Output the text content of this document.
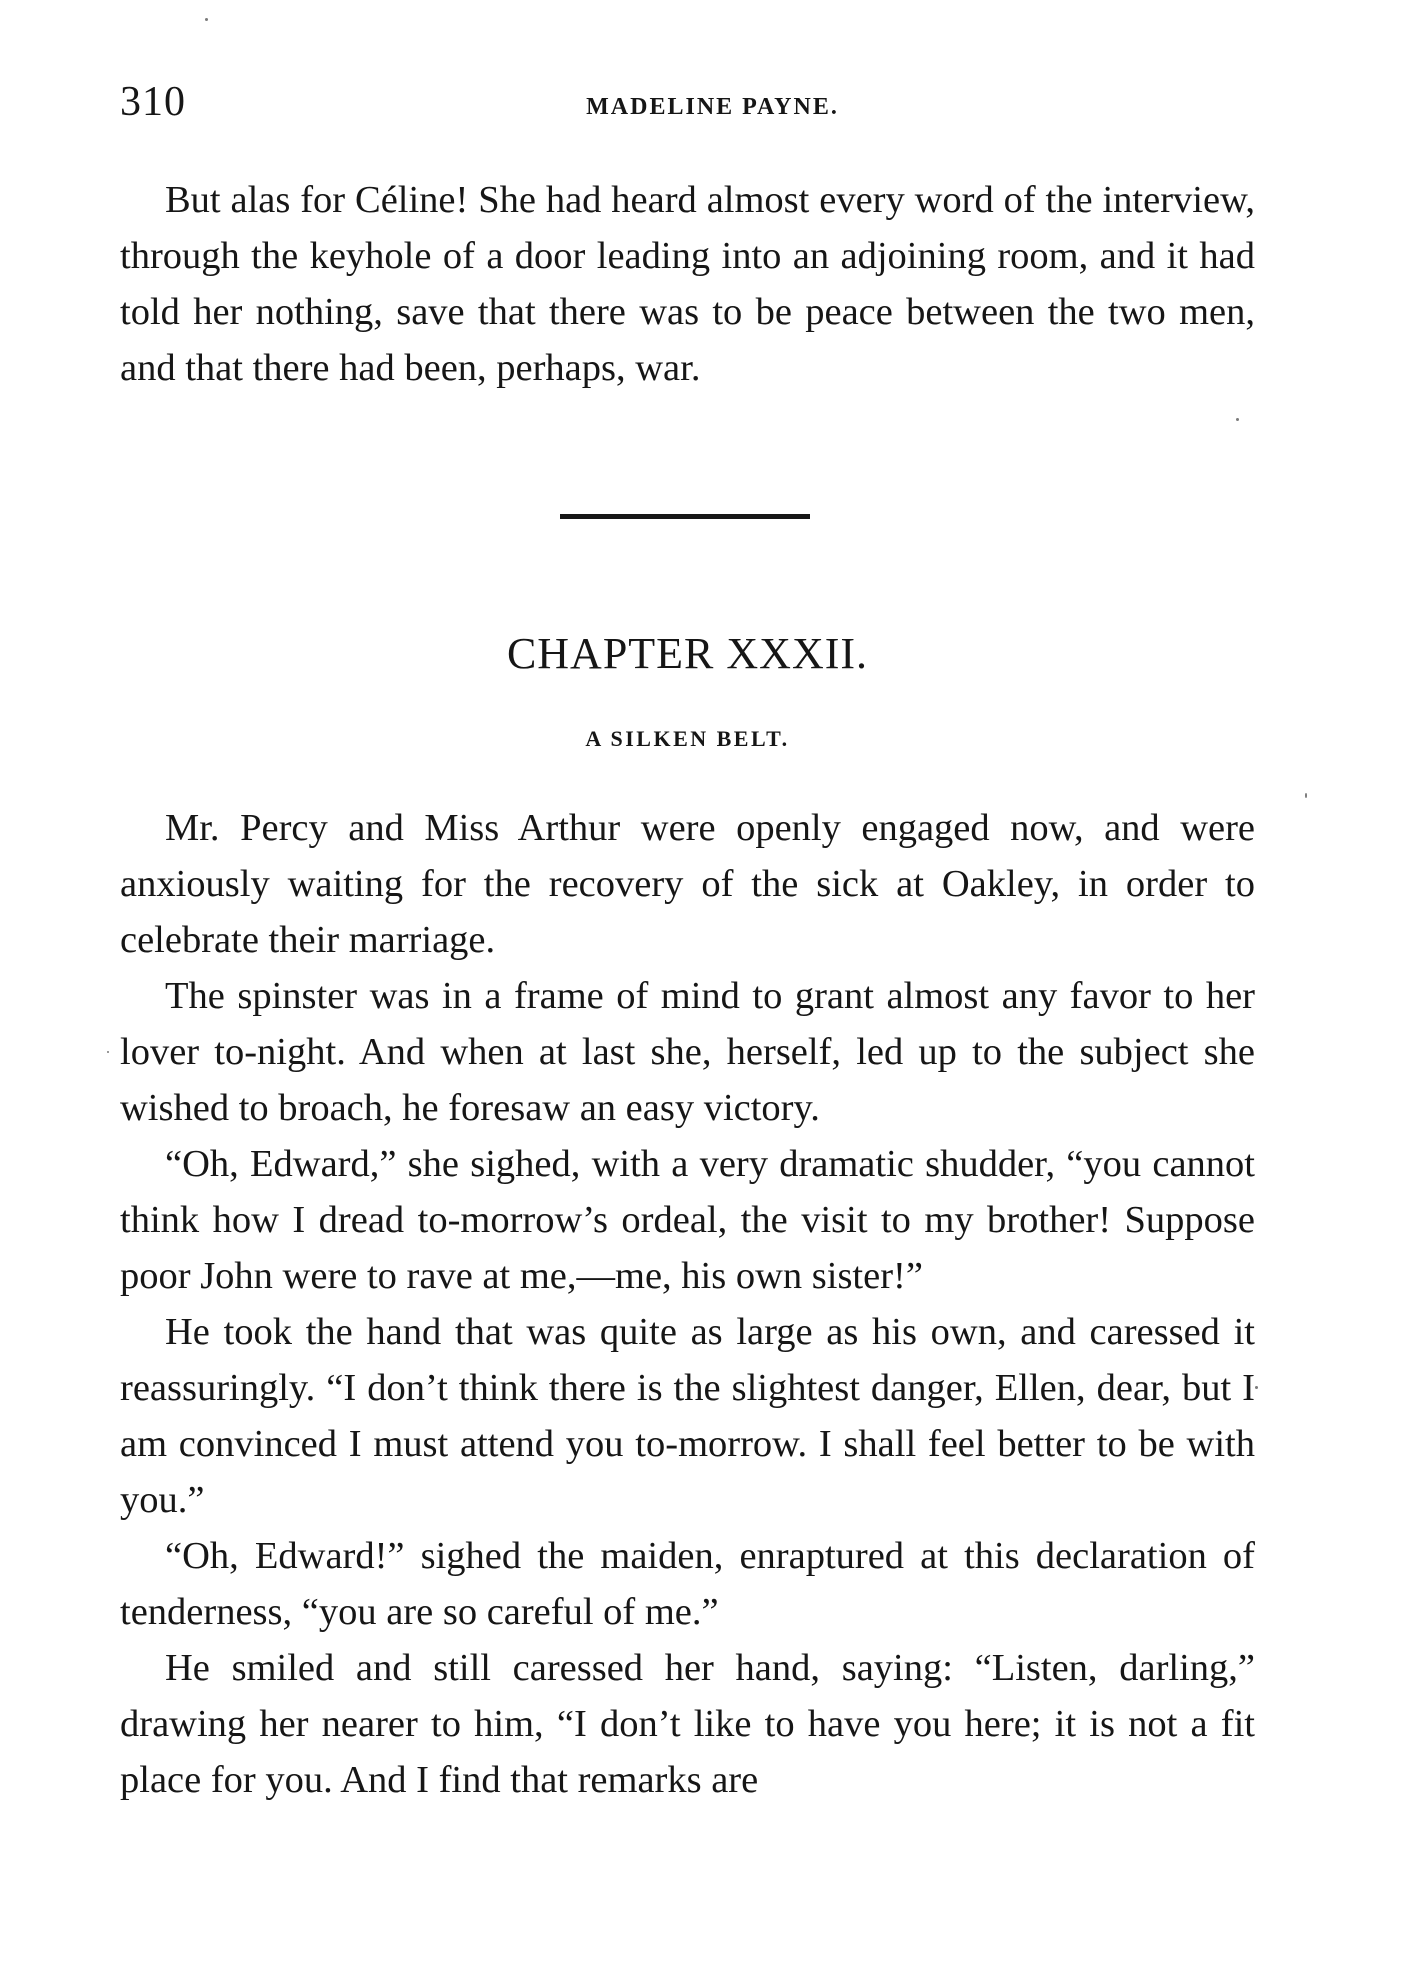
310	MADELINE PAYNE.

But alas for Céline! She had heard almost every word of the interview, through the keyhole of a door leading into an adjoining room, and it had told her nothing, save that there was to be peace between the two men, and that there had been, perhaps, war.

CHAPTER XXXII.
A SILKEN BELT.

Mr. Percy and Miss Arthur were openly engaged now, and were anxiously waiting for the recovery of the sick at Oakley, in order to celebrate their marriage.

The spinster was in a frame of mind to grant almost any favor to her lover to-night. And when at last she, herself, led up to the subject she wished to broach, he foresaw an easy victory.

“Oh, Edward,” she sighed, with a very dramatic shudder, “you cannot think how I dread to-morrow’s ordeal, the visit to my brother! Suppose poor John were to rave at me,—me, his own sister!”

He took the hand that was quite as large as his own, and caressed it reassuringly. “I don’t think there is the slightest danger, Ellen, dear, but I am convinced I must attend you to-morrow. I shall feel better to be with you.”

“Oh, Edward!” sighed the maiden, enraptured at this declaration of tenderness, “you are so careful of me.”

He smiled and still caressed her hand, saying: “Listen, darling,” drawing her nearer to him, “I don’t like to have you here; it is not a fit place for you. And I find that remarks are
